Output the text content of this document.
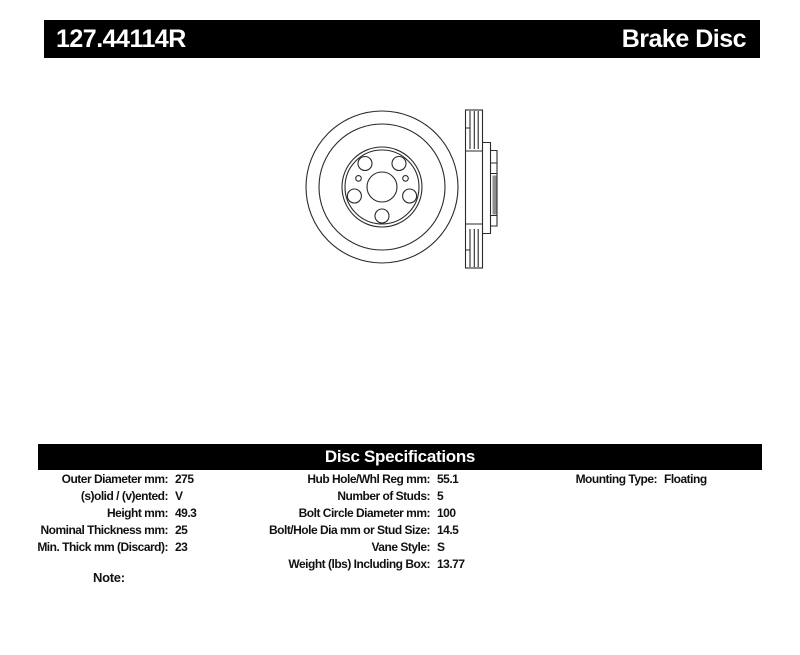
127.44114R	Brake Disc
Disc Specifications
Outer Diameter mm: 275
(s)olid / (v)ented: V
Height mm: 49.3
Nominal Thickness mm: 25
Min. Thick mm (Discard): 23
Hub Hole/Whl Reg mm: 55.1
Number of Studs: 5
Bolt Circle Diameter mm: 100
Bolt/Hole Dia mm or Stud Size: 14.5
Vane Style: S
Weight (lbs) Including Box: 13.77
Mounting Type: Floating
Note:
